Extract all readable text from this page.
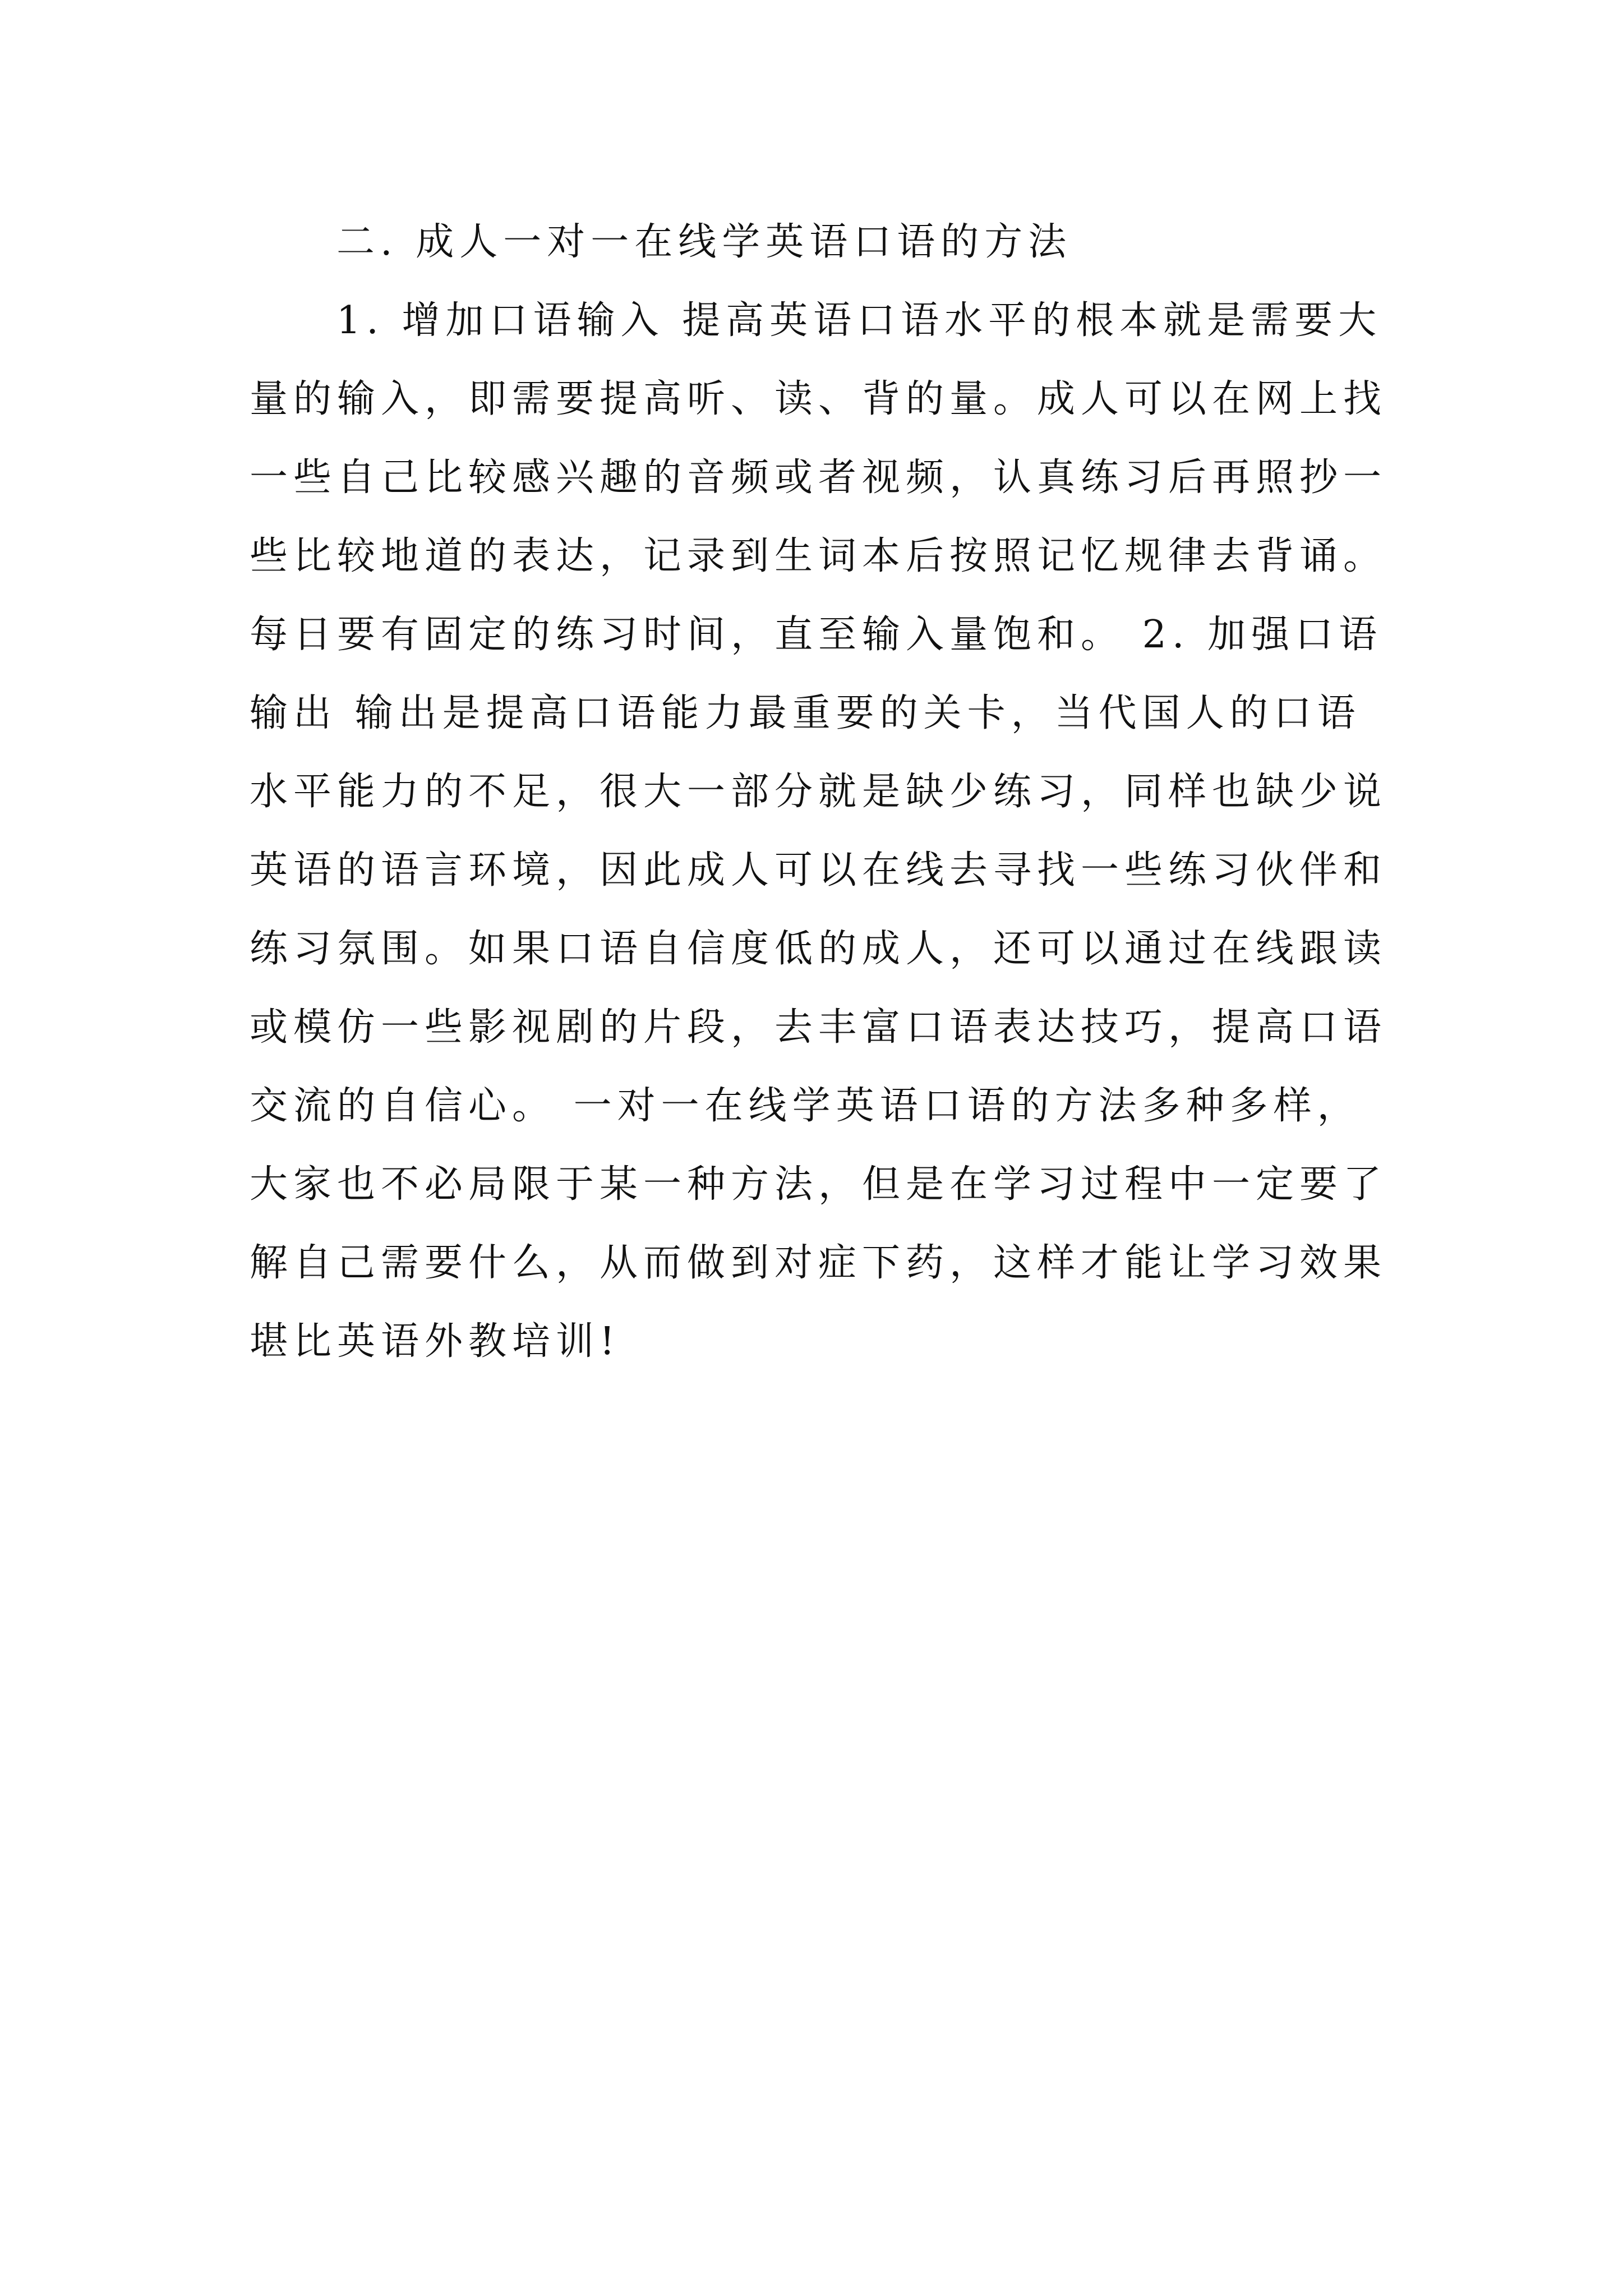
二. 成人一对一在线学英语口语的方法
1. 增加口语输入 提高英语口语水平的根本就是需要大
量的输入，即需要提高听、读、背的量。成人可以在网上找
一些自己比较感兴趣的音频或者视频，认真练习后再照抄一
些比较地道的表达，记录到生词本后按照记忆规律去背诵。
每日要有固定的练习时间，直至输入量饱和。 2. 加强口语
输出 输出是提高口语能力最重要的关卡，当代国人的口语
水平能力的不足，很大一部分就是缺少练习，同样也缺少说
英语的语言环境，因此成人可以在线去寻找一些练习伙伴和
练习氛围。如果口语自信度低的成人，还可以通过在线跟读
或模仿一些影视剧的片段，去丰富口语表达技巧，提高口语
交流的自信心。 一对一在线学英语口语的方法多种多样，
大家也不必局限于某一种方法，但是在学习过程中一定要了
解自己需要什么，从而做到对症下药，这样才能让学习效果
堪比英语外教培训!
